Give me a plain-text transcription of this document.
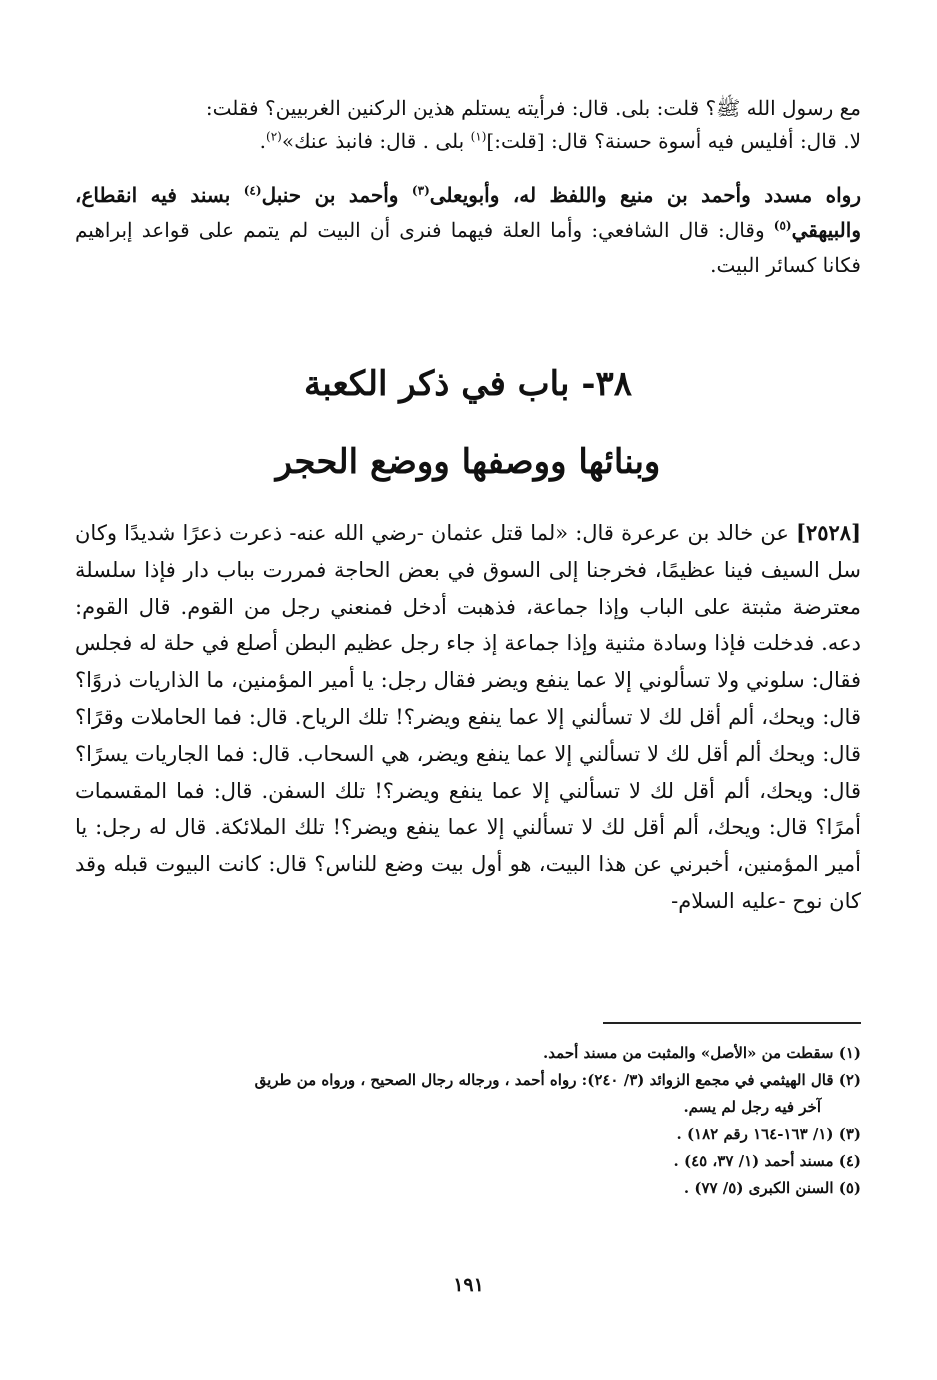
مع رسول الله ﷺ؟ قلت: بلى. قال: فرأيته يستلم هذين الركنين الغربيين؟ فقلت:
لا. قال: أفليس فيه أسوة حسنة؟ قال: [قلت:]$^{(١)}$ بلى . قال: فانبذ عنك»$^{(٢)}$.
رواه مسدد وأحمد بن منيع واللفظ له، وأبويعلى$^{(٣)}$ وأحمد بن حنبل$^{(٤)}$ بسند فيه انقطاع، والبيهقي$^{(٥)}$ وقال: قال الشافعي: وأما العلة فيهما فنرى أن البيت لم يتمم على قواعد إبراهيم فكانا كسائر البيت.
٣٨- باب في ذكر الكعبة
وبنائها ووصفها ووضع الحجر
[٢٥٢٨] عن خالد بن عرعرة قال: «لما قتل عثمان -رضي الله عنه- ذعرت ذعرًا شديدًا وكان سل السيف فينا عظيمًا، فخرجنا إلى السوق في بعض الحاجة فمررت بباب دار فإذا سلسلة معترضة مثبتة على الباب وإذا جماعة، فذهبت أدخل فمنعني رجل من القوم. قال القوم: دعه. فدخلت فإذا وسادة مثنية وإذا جماعة إذ جاء رجل عظيم البطن أصلع في حلة له فجلس فقال: سلوني ولا تسألوني إلا عما ينفع ويضر فقال رجل: يا أمير المؤمنين، ما الذاريات ذروًا؟ قال: ويحك، ألم أقل لك لا تسألني إلا عما ينفع ويضر؟! تلك الرياح. قال: فما الحاملات وقرًا؟ قال: ويحك ألم أقل لك لا تسألني إلا عما ينفع ويضر، هي السحاب. قال: فما الجاريات يسرًا؟ قال: ويحك، ألم أقل لك لا تسألني إلا عما ينفع ويضر؟! تلك السفن. قال: فما المقسمات أمرًا؟ قال: ويحك، ألم أقل لك لا تسألني إلا عما ينفع ويضر؟! تلك الملائكة. قال له رجل: يا أمير المؤمنين، أخبرني عن هذا البيت، هو أول بيت وضع للناس؟ قال: كانت البيوت قبله وقد كان نوح -عليه السلام-

(١) سقطت من «الأصل» والمثبت من مسند أحمد.

(٢) قال الهيثمي في مجمع الزوائد (٣/ ٢٤٠): رواه أحمد ، ورجاله رجال الصحيح ، ورواه من طريق
آخر فيه رجل لم يسم.

(٣) (١/ ١٦٣-١٦٤ رقم ١٨٢) .

(٤) مسند أحمد (١/ ٣٧، ٤٥) .

(٥) السنن الكبرى (٥/ ٧٧) .

١٩١
